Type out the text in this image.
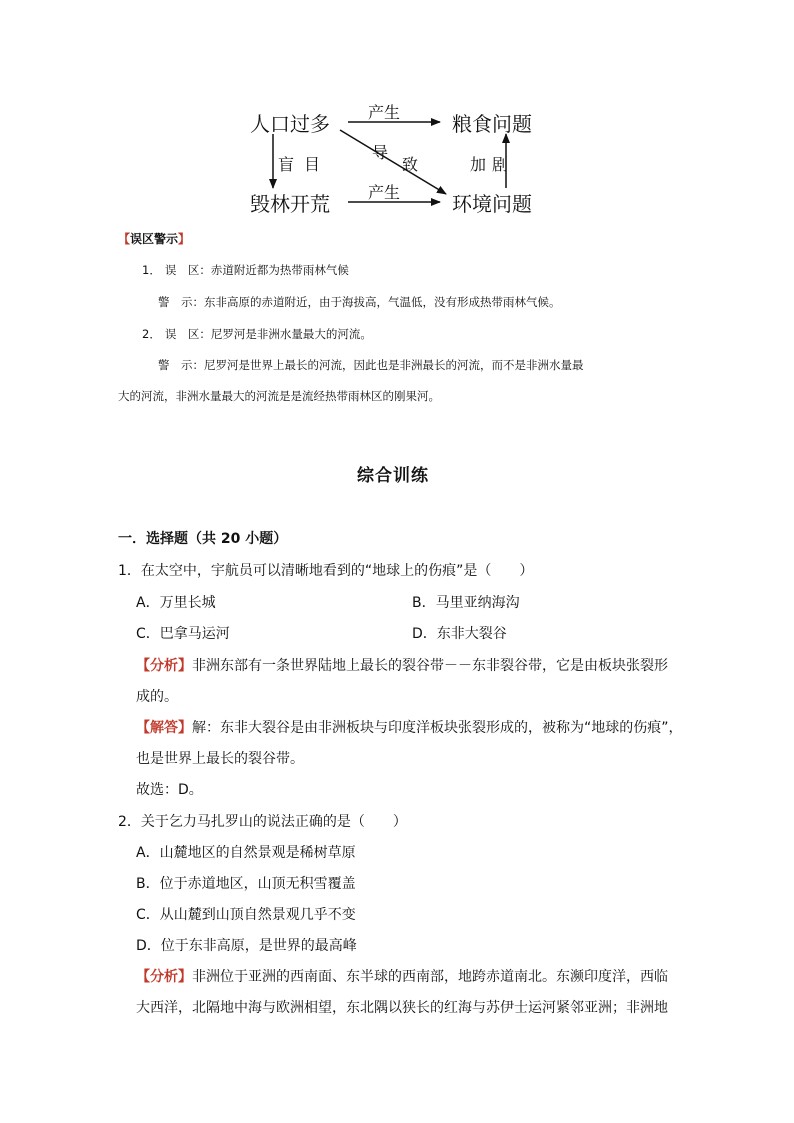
人口过多	粮食问题
毁林开荒	环境问题
产生
产生
盲 目
导
致	加 剧
【误区警示】
1． 误　区：赤道附近都为热带雨林气候
警　示：东非高原的赤道附近，由于海拔高，气温低，没有形成热带雨林气候。
2． 误　区：尼罗河是非洲水量最大的河流。
警　示：尼罗河是世界上最长的河流，因此也是非洲最长的河流，而不是非洲水量最
大的河流，非洲水量最大的河流是是流经热带雨林区的刚果河。
综合训练
一．选择题（共 20 小题）
1．在太空中，宇航员可以清晰地看到的“地球上的伤痕”是（　　）
A．万里长城	B．马里亚纳海沟
C．巴拿马运河	D．东非大裂谷
【分析】非洲东部有一条世界陆地上最长的裂谷带－－东非裂谷带，它是由板块张裂形
成的。
【解答】解：东非大裂谷是由非洲板块与印度洋板块张裂形成的，被称为“地球的伤痕”，
也是世界上最长的裂谷带。
故选：D。
2．关于乞力马扎罗山的说法正确的是（　　）
A．山麓地区的自然景观是稀树草原
B．位于赤道地区，山顶无积雪覆盖
C．从山麓到山顶自然景观几乎不变
D．位于东非高原，是世界的最高峰
【分析】非洲位于亚洲的西南面、东半球的西南部，地跨赤道南北。东濒印度洋，西临
大西洋，北隔地中海与欧洲相望，东北隅以狭长的红海与苏伊士运河紧邻亚洲；非洲地
